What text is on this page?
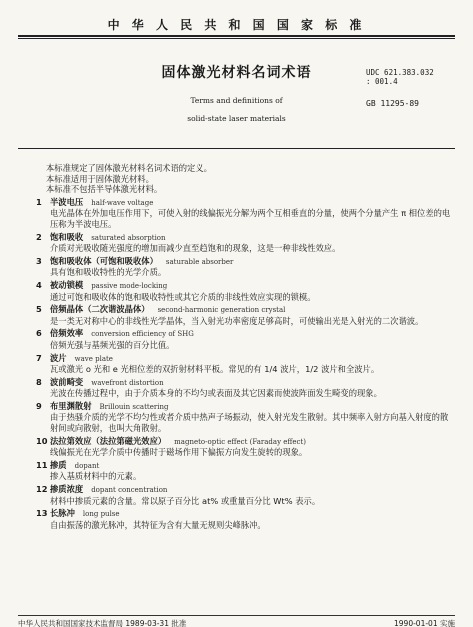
中 华 人 民 共 和 国 国 家 标 准
固体激光材料名词术语
Terms and definitions of
solid-state laser materials
UDC 621.383.032
: 001.4
GB 11295-89

本标准规定了固体激光材料名词术语的定义。

本标准适用于固体激光材料。

本标准不包括半导体激光材料。

1 半波电压 half-wave voltage

电光晶体在外加电压作用下，可使入射的线偏振光分解为两个互相垂直的分量，使两个分量产生 π 相位差的电压称为半波电压。

2 饱和吸收 saturated absorption

介质对光吸收随光强度的增加而减少直至趋饱和的现象，这是一种非线性效应。

3 饱和吸收体（可饱和吸收体） saturable absorber

具有饱和吸收特性的光学介质。

4 被动锁模 passive mode-locking

通过可饱和吸收体的饱和吸收特性或其它介质的非线性效应实现的锁模。

5 倍频晶体（二次谐波晶体） second-harmonic generation crystal

是一类无对称中心的非线性光学晶体，当入射光功率密度足够高时，可使输出光是入射光的二次谐波。

6 倍频效率 conversion efficiency of SHG

倍频光强与基频光强的百分比值。

7 波片 wave plate

瓦或激光 o 光和 e 光相位差的双折射材料平板。常见的有 1/4 波片，1/2 波片和全波片。

8 波前畸变 wavefront distortion

光波在传播过程中，由于介质本身的不均匀或表面及其它因素而使波阵面发生畸变的现象。

9 布里渊散射 Brillouin scattering

由于热骚介质的光学不均匀性或者介质中热声子场振动，使入射光发生散射。其中频率入射方向基入射度的散射间或向散射，也叫大角散射。

10 法拉第效应（法拉第磁光效应） magneto-optic effect (Faraday effect)

线偏振光在光学介质中传播时于磁场作用下偏振方向发生旋转的现象。

11 掺质 dopant

掺入基质材料中的元素。

12 掺质浓度 dopant concentration

材料中掺质元素的含量。常以原子百分比 at% 或重量百分比 Wt% 表示。

13 长脉冲 long pulse

自由振荡的激光脉冲，其特征为含有大量无规则尖峰脉冲。

中华人民共和国国家技术监督局 1989-03-31 批准	1990-01-01 实施
